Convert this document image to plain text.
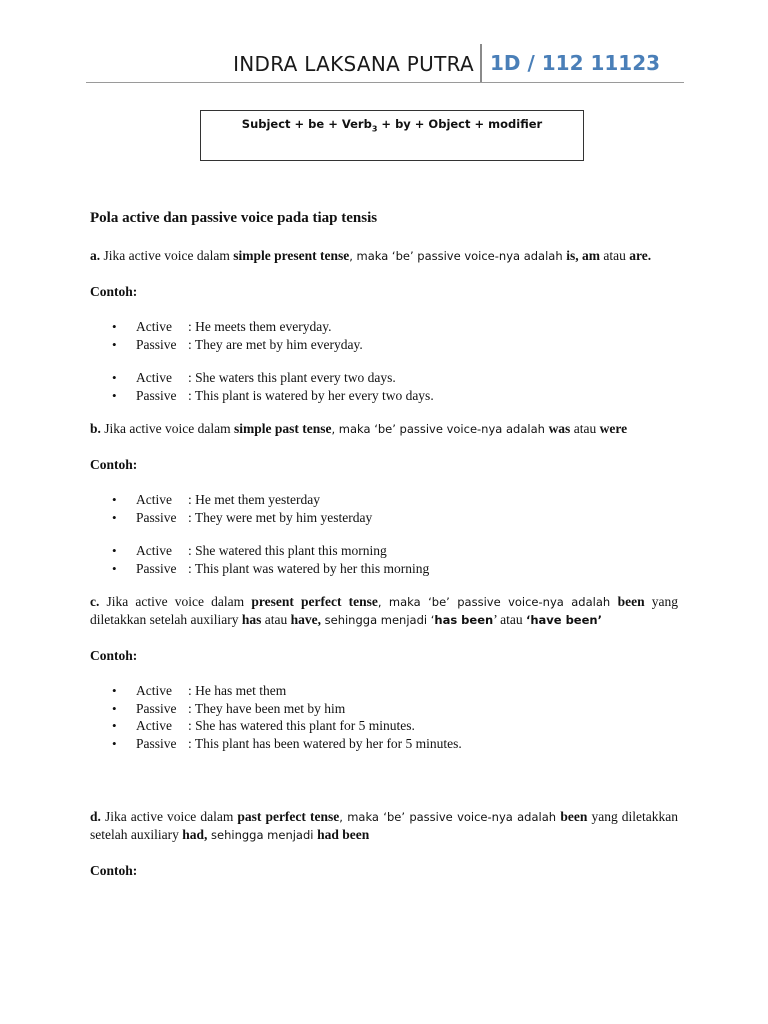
INDRA LAKSANA PUTRA 1D / 112 11123
Subject + be + Verb$_3$ + by + Object + modifier
Pola active dan passive voice pada tiap tensis

a. Jika active voice dalam simple present tense, maka ‘be’ passive voice-nya adalah is, am atau are.

Contoh:

• Active : He meets them everyday.
• Passive : They are met by him everyday.
• Active : She waters this plant every two days.
• Passive : This plant is watered by her every two days.

b. Jika active voice dalam simple past tense, maka ‘be’ passive voice-nya adalah was atau were

Contoh:

• Active : He met them yesterday
• Passive : They were met by him yesterday
• Active : She watered this plant this morning
• Passive : This plant was watered by her this morning

c. Jika active voice dalam present perfect tense, maka ‘be’ passive voice-nya adalah been yang diletakkan setelah auxiliary has atau have, sehingga menjadi ‘has been’ atau ‘have been’

Contoh:

• Active : He has met them
• Passive : They have been met by him
• Active : She has watered this plant for 5 minutes.
• Passive : This plant has been watered by her for 5 minutes.

d. Jika active voice dalam past perfect tense, maka ‘be’ passive voice-nya adalah been yang diletakkan setelah auxiliary had, sehingga menjadi had been

Contoh:
